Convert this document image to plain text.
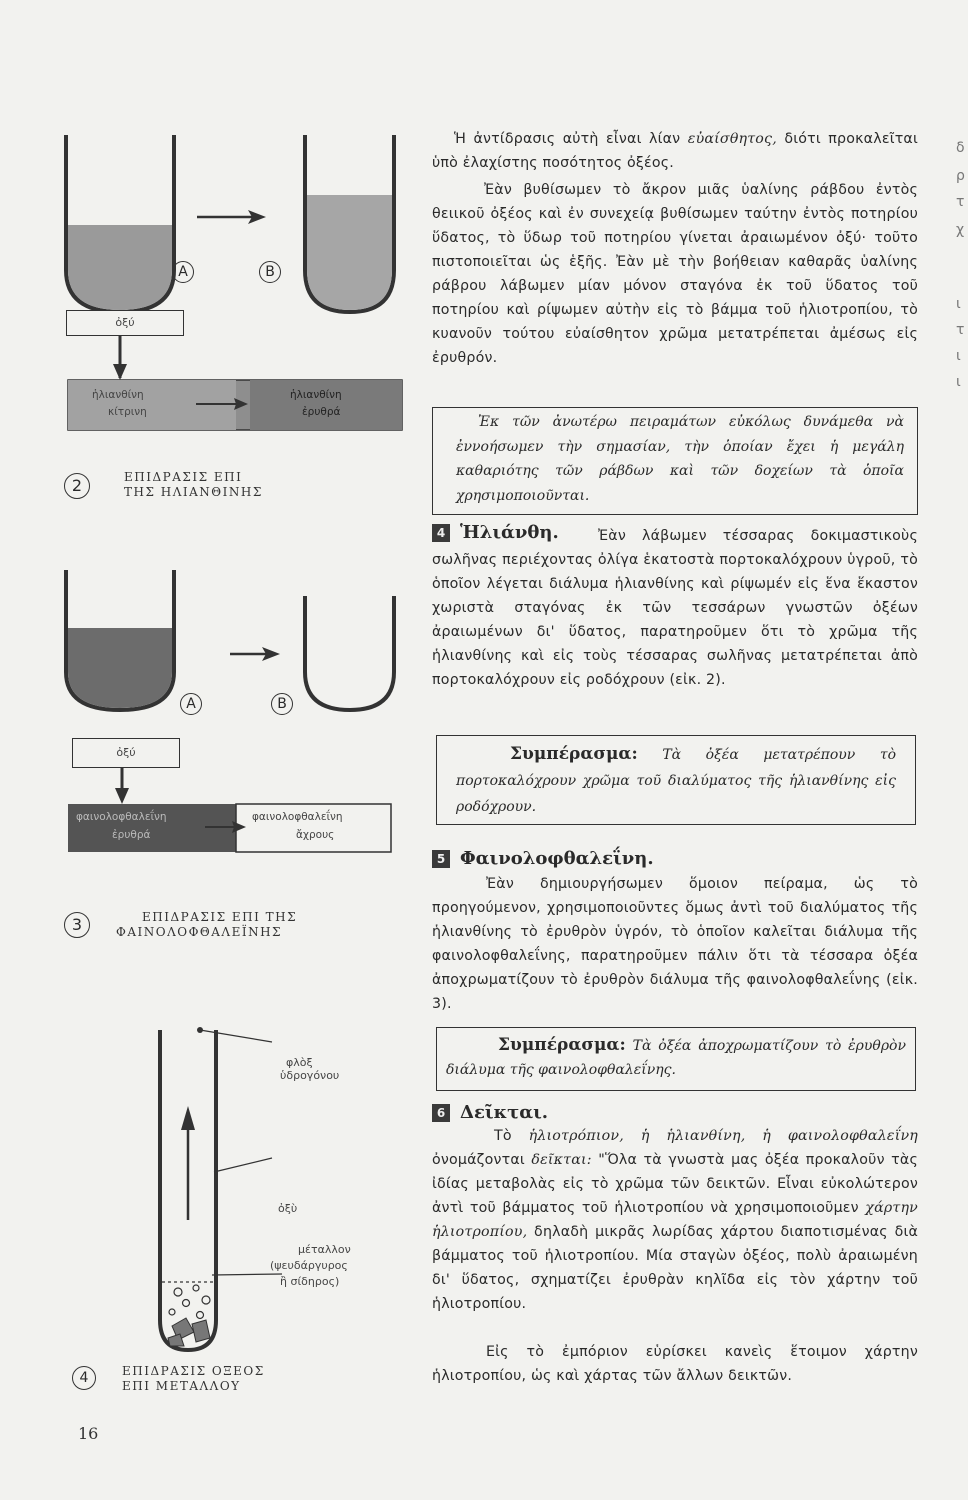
A	B
ὀξύ
ἡλιανθίνη
κίτρινη
ἡλιανθίνη
ἐρυθρά
2	ΕΠΙΔΡΑΣΙΣ ΕΠΙ
ΤΗΣ ΗΛΙΑΝΘΙΝΗΣ
A	B
ὀξύ
φαινολοφθαλεΐνη
ἐρυθρά
φαινολοφθαλεΐνη
ἄχρους
3	ΕΠΙΔΡΑΣΙΣ ΕΠΙ ΤΗΣ
ΦΑΙΝΟΛΟΦΘΑΛΕΪΝΗΣ
φλὸξ
ὑδρογόνου
ὀξὺ
μέταλλον
(ψευδάργυρος
ἢ σίδηρος)
4	ΕΠΙΔΡΑΣΙΣ ΟΞΕΟΣ
ΕΠΙ ΜΕΤΑΛΛΟΥ
Ἡ ἀντίδρασις αὐτὴ εἶναι λίαν εὐαίσθητος, διότι προκαλεῖται ὑπὸ ἐλαχίστης ποσότητος ὀξέος.
Ἐὰν βυθίσωμεν τὸ ἄκρον μιᾶς ὑαλίνης ράβδου ἐντὸς θειικοῦ ὀξέος καὶ ἐν συνεχείᾳ βυθίσωμεν ταύτην ἐντὸς ποτηρίου ὕδατος, τὸ ὕδωρ τοῦ ποτηρίου γίνεται ἀραιωμένον ὀξύ· τοῦτο πιστοποιεῖται ὡς ἑξῆς. Ἐὰν μὲ τὴν βοήθειαν καθαρᾶς ὑαλίνης ράβρου λάβωμεν μίαν μόνον σταγόνα ἐκ τοῦ ὕδατος τοῦ ποτηρίου καὶ ρίψωμεν αὐτὴν εἰς τὸ βάμμα τοῦ ἡλιοτροπίου, τὸ κυανοῦν τούτου εὐαίσθητον χρῶμα μετατρέπεται ἀμέσως εἰς ἐρυθρόν.
Ἐκ τῶν ἀνωτέρω πειραμάτων εὐκόλως δυνάμεθα νὰ ἐννοήσωμεν τὴν σημασίαν, τὴν ὁποίαν ἔχει ἡ μεγάλη καθαριότης τῶν ράβδων καὶ τῶν δοχείων τὰ ὁποῖα χρησιμοποιοῦνται.
4 Ἡλιάνθη.	Ἐὰν λάβωμεν τέσσαρας δοκιμαστικοὺς σωλῆνας περιέχοντας ὀλίγα ἑκατοστὰ πορτοκαλόχρουν ὑγροῦ, τὸ ὁποῖον λέγεται διάλυμα ἡλιανθίνης καὶ ρίψωμέν εἰς ἕνα ἕκαστον χωριστὰ σταγόνας ἐκ τῶν τεσσάρων γνωστῶν ὀξέων ἀραιωμένων δι' ὕδατος, παρατηροῦμεν ὅτι τὸ χρῶμα τῆς ἡλιανθίνης καὶ εἰς τοὺς τέσσαρας σωλῆνας μετατρέπεται ἀπὸ πορτοκαλόχρουν εἰς ροδόχρουν (εἰκ. 2).
Συμπέρασμα: Τὰ ὀξέα μετατρέπουν τὸ πορτοκαλόχρουν χρῶμα τοῦ διαλύματος τῆς ἡλιανθίνης εἰς ροδόχρουν.
5 Φαινολοφθαλεΐνη.
Ἐὰν δημιουργήσωμεν ὅμοιον πείραμα, ὡς τὸ προηγούμενον, χρησιμοποιοῦντες ὅμως ἀντὶ τοῦ διαλύματος τῆς ἡλιανθίνης τὸ ἐρυθρὸν ὑγρόν, τὸ ὁποῖον καλεῖται διάλυμα τῆς φαινολοφθαλεΐνης, παρατηροῦμεν πάλιν ὅτι τὰ τέσσαρα ὀξέα ἀποχρωματίζουν τὸ ἐρυθρὸν διάλυμα τῆς φαινολοφθαλεΐνης (εἰκ. 3).
Συμπέρασμα: Τὰ ὀξέα ἀποχρωματίζουν τὸ ἐρυθρὸν διάλυμα τῆς φαινολοφθαλεΐνης.
6 Δεῖκται.
Τὸ ἡλιοτρόπιον, ἡ ἡλιανθίνη, ἡ φαινολοφθαλεΐνη ὀνομάζονται δεῖκται: "Ὅλα τὰ γνωστὰ μας ὀξέα προκαλοῦν τὰς ἰδίας μεταβολὰς εἰς τὸ χρῶμα τῶν δεικτῶν. Εἶναι εὐκολώτερον ἀντὶ τοῦ βάμματος τοῦ ἡλιοτροπίου νὰ χρησιμοποιοῦμεν χάρτην ἡλιοτροπίου, δηλαδὴ μικρᾶς λωρίδας χάρτου διαποτισμένας διὰ βάμματος τοῦ ἡλιοτροπίου. Μία σταγὼν ὀξέος, πολὺ ἀραιωμένη δι' ὕδατος, σχηματίζει ἐρυθρὰν κηλῖδα εἰς τὸν χάρτην τοῦ ἡλιοτροπίου.
Εἰς τὸ ἐμπόριον εὑρίσκει κανεὶς ἕτοιμον χάρτην ἡλιοτροπίου, ὡς καὶ χάρτας τῶν ἄλλων δεικτῶν.
16
δ
ρ
τ
χ
ι
τ
ι
ι
